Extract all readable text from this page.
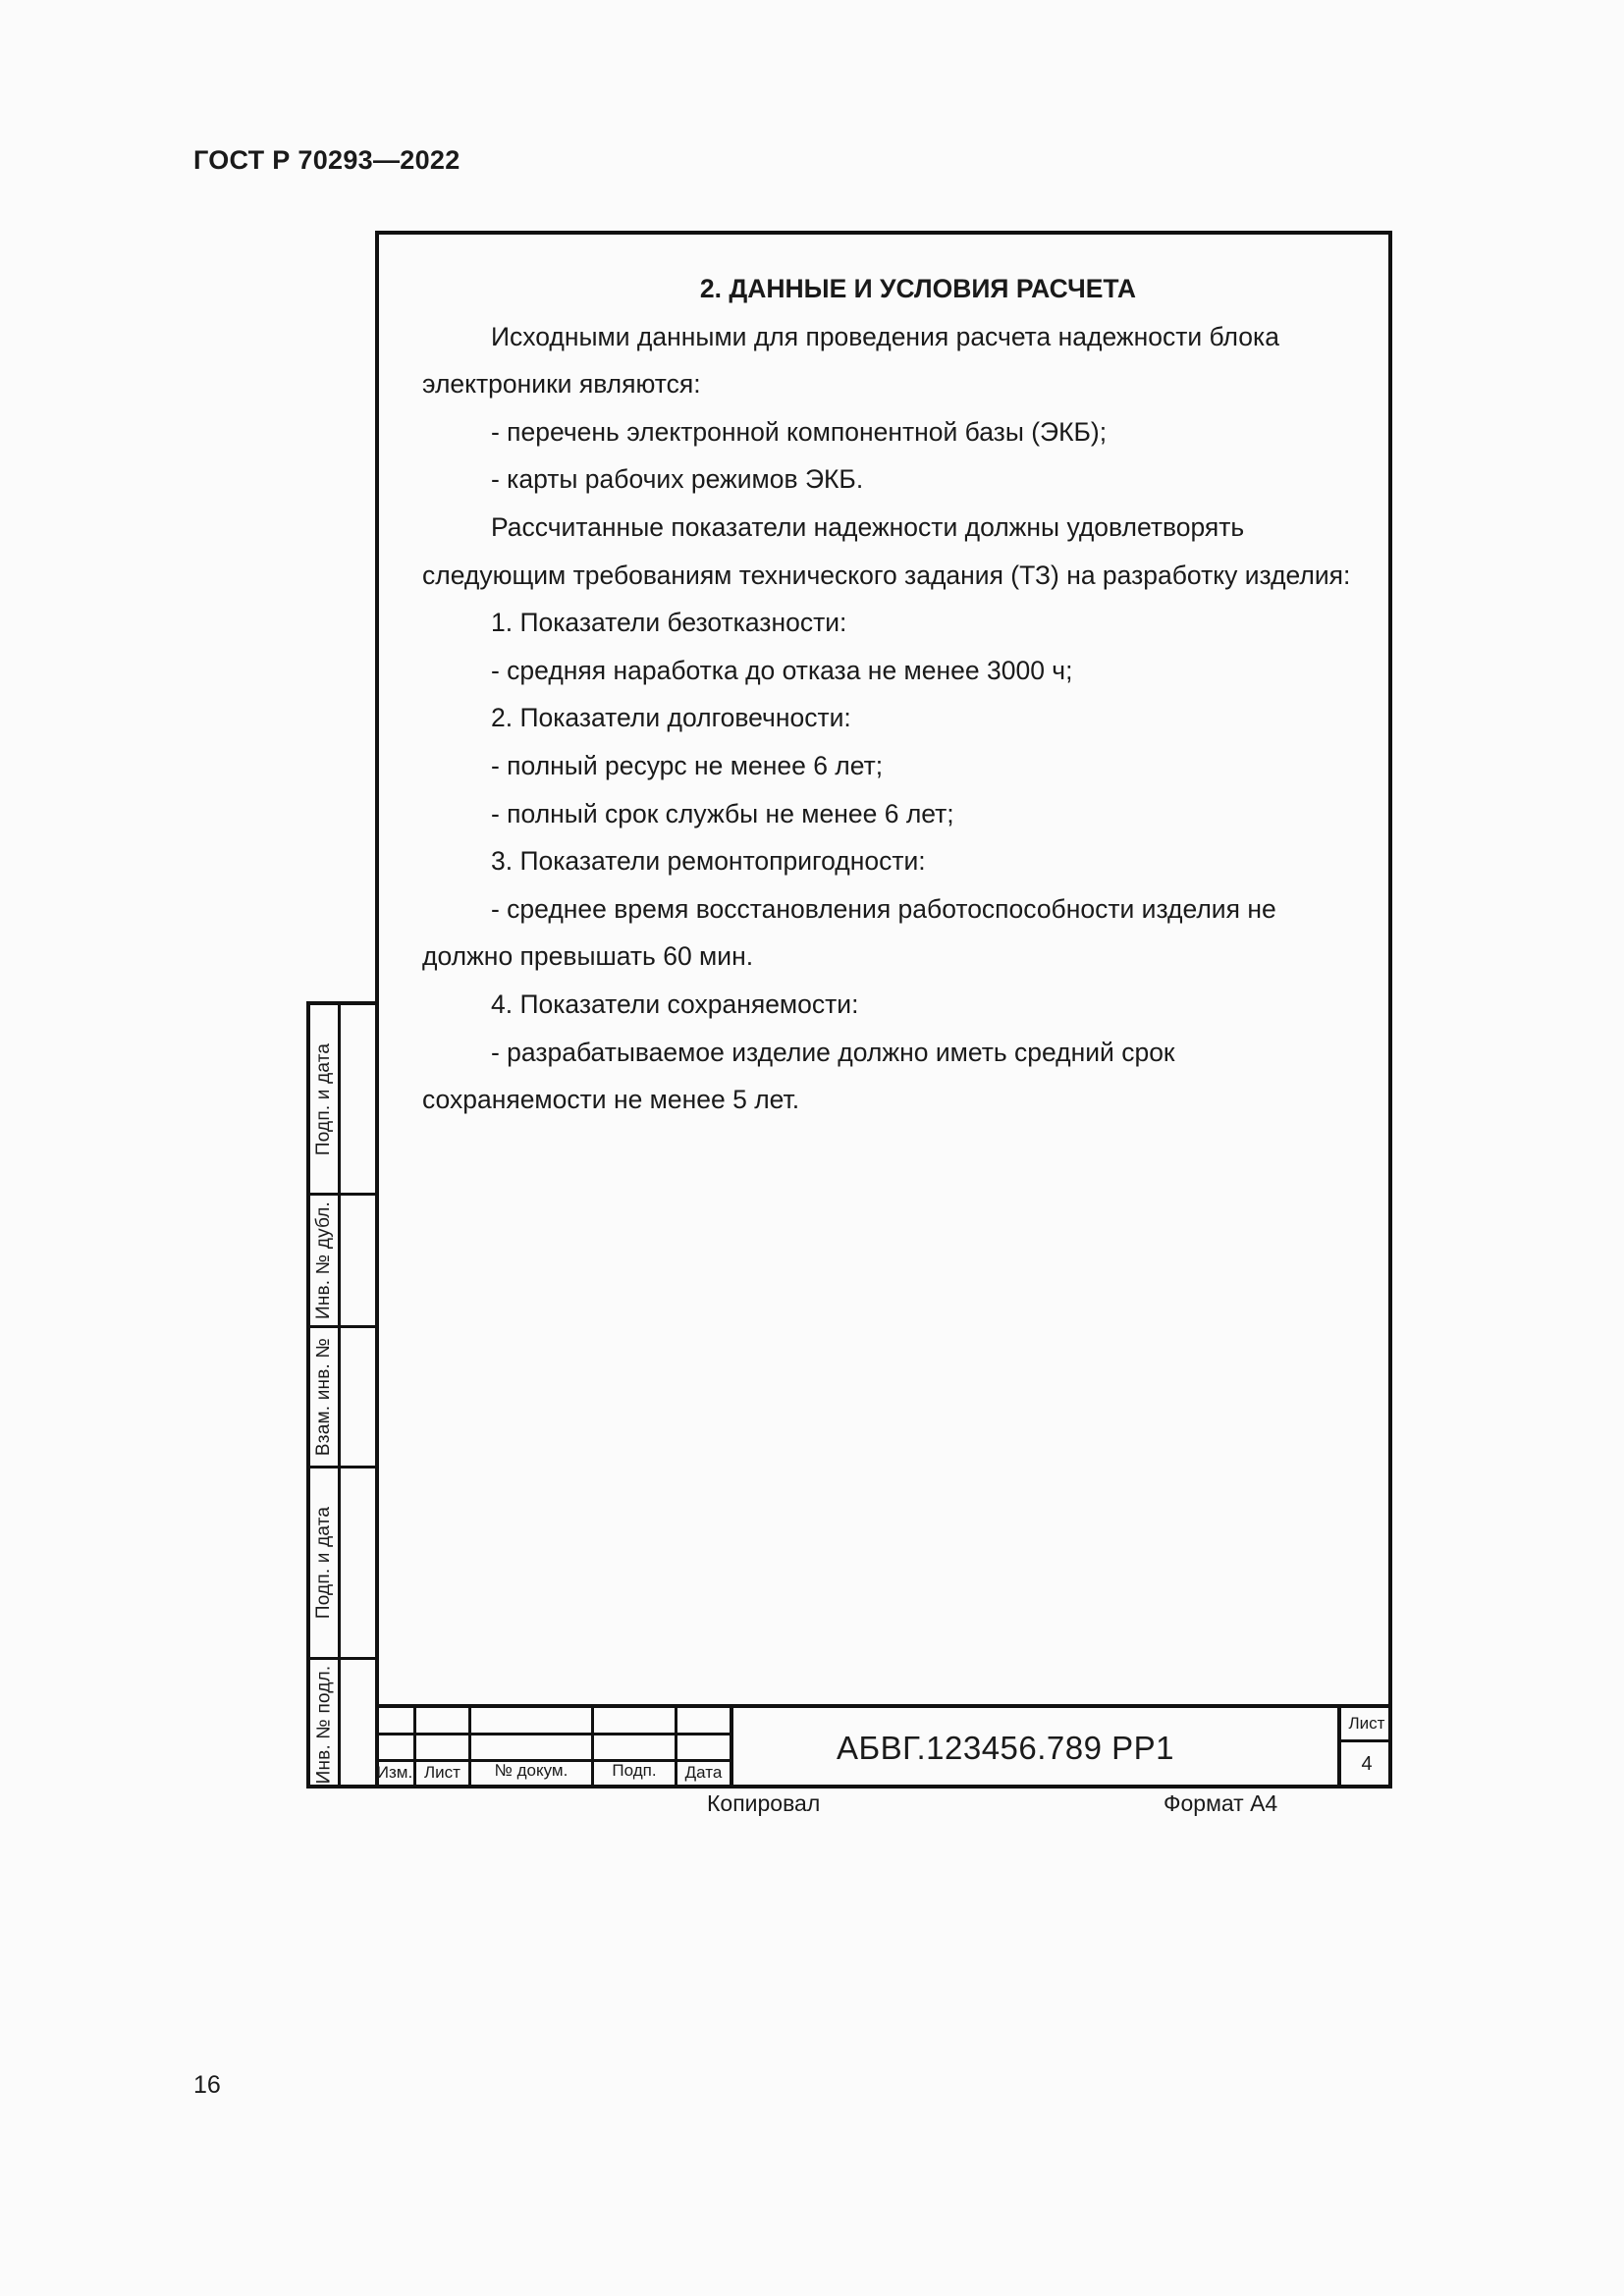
ГОСТ Р 70293—2022

2. ДАННЫЕ И УСЛОВИЯ РАСЧЕТА

Исходными данными для проведения расчета надежности блока электроники являются:

- перечень электронной компонентной базы (ЭКБ);

- карты рабочих режимов ЭКБ.

Рассчитанные показатели надежности должны удовлетворять следующим требованиям технического задания (ТЗ) на разработку изделия:

1. Показатели безотказности:

- средняя наработка до отказа не менее 3000 ч;

2. Показатели долговечности:

- полный ресурс не менее 6 лет;

- полный срок службы не менее 6 лет;

3. Показатели ремонтопригодности:

- среднее время восстановления работоспособности изделия не должно превышать 60 мин.

4. Показатели сохраняемости:

- разрабатываемое изделие должно иметь средний срок сохраняемости не менее 5 лет.

Подп. и дата
Инв. № дубл.
Взам. инв. №
Подп. и дата
Инв. № подл.	Изм. Лист	№ докум.	Подп.	Дата
АБВГ.123456.789 РР1
Лист
4
Копировал	Формат А4
16
